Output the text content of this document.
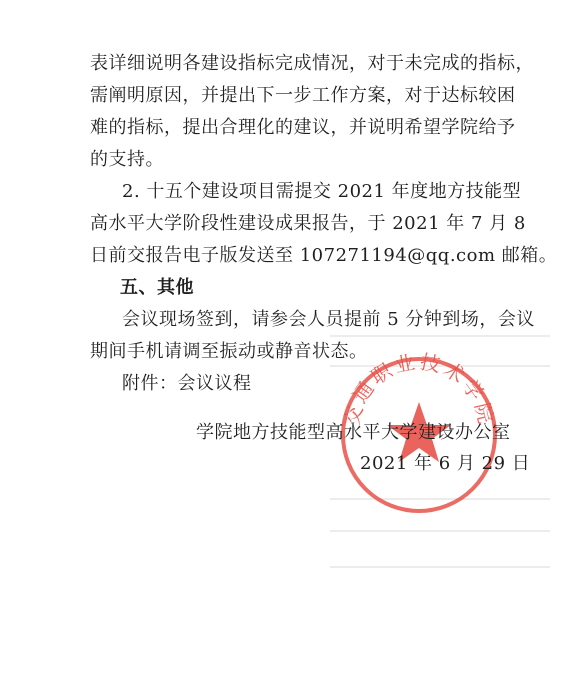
表详细说明各建设指标完成情况，对于未完成的指标，
需阐明原因，并提出下一步工作方案，对于达标较困
难的指标，提出合理化的建议，并说明希望学院给予
的支持。
2. 十五个建设项目需提交 2021 年度地方技能型
高水平大学阶段性建设成果报告，于 2021 年 7 月 8
日前交报告电子版发送至 107271194@qq.com 邮箱。
五、其他
会议现场签到，请参会人员提前 5 分钟到场，会议
期间手机请调至振动或静音状态。
附件：会议议程
交通职业技术学院
学院地方技能型高水平大学建设办公室
2021 年 6 月 29 日
